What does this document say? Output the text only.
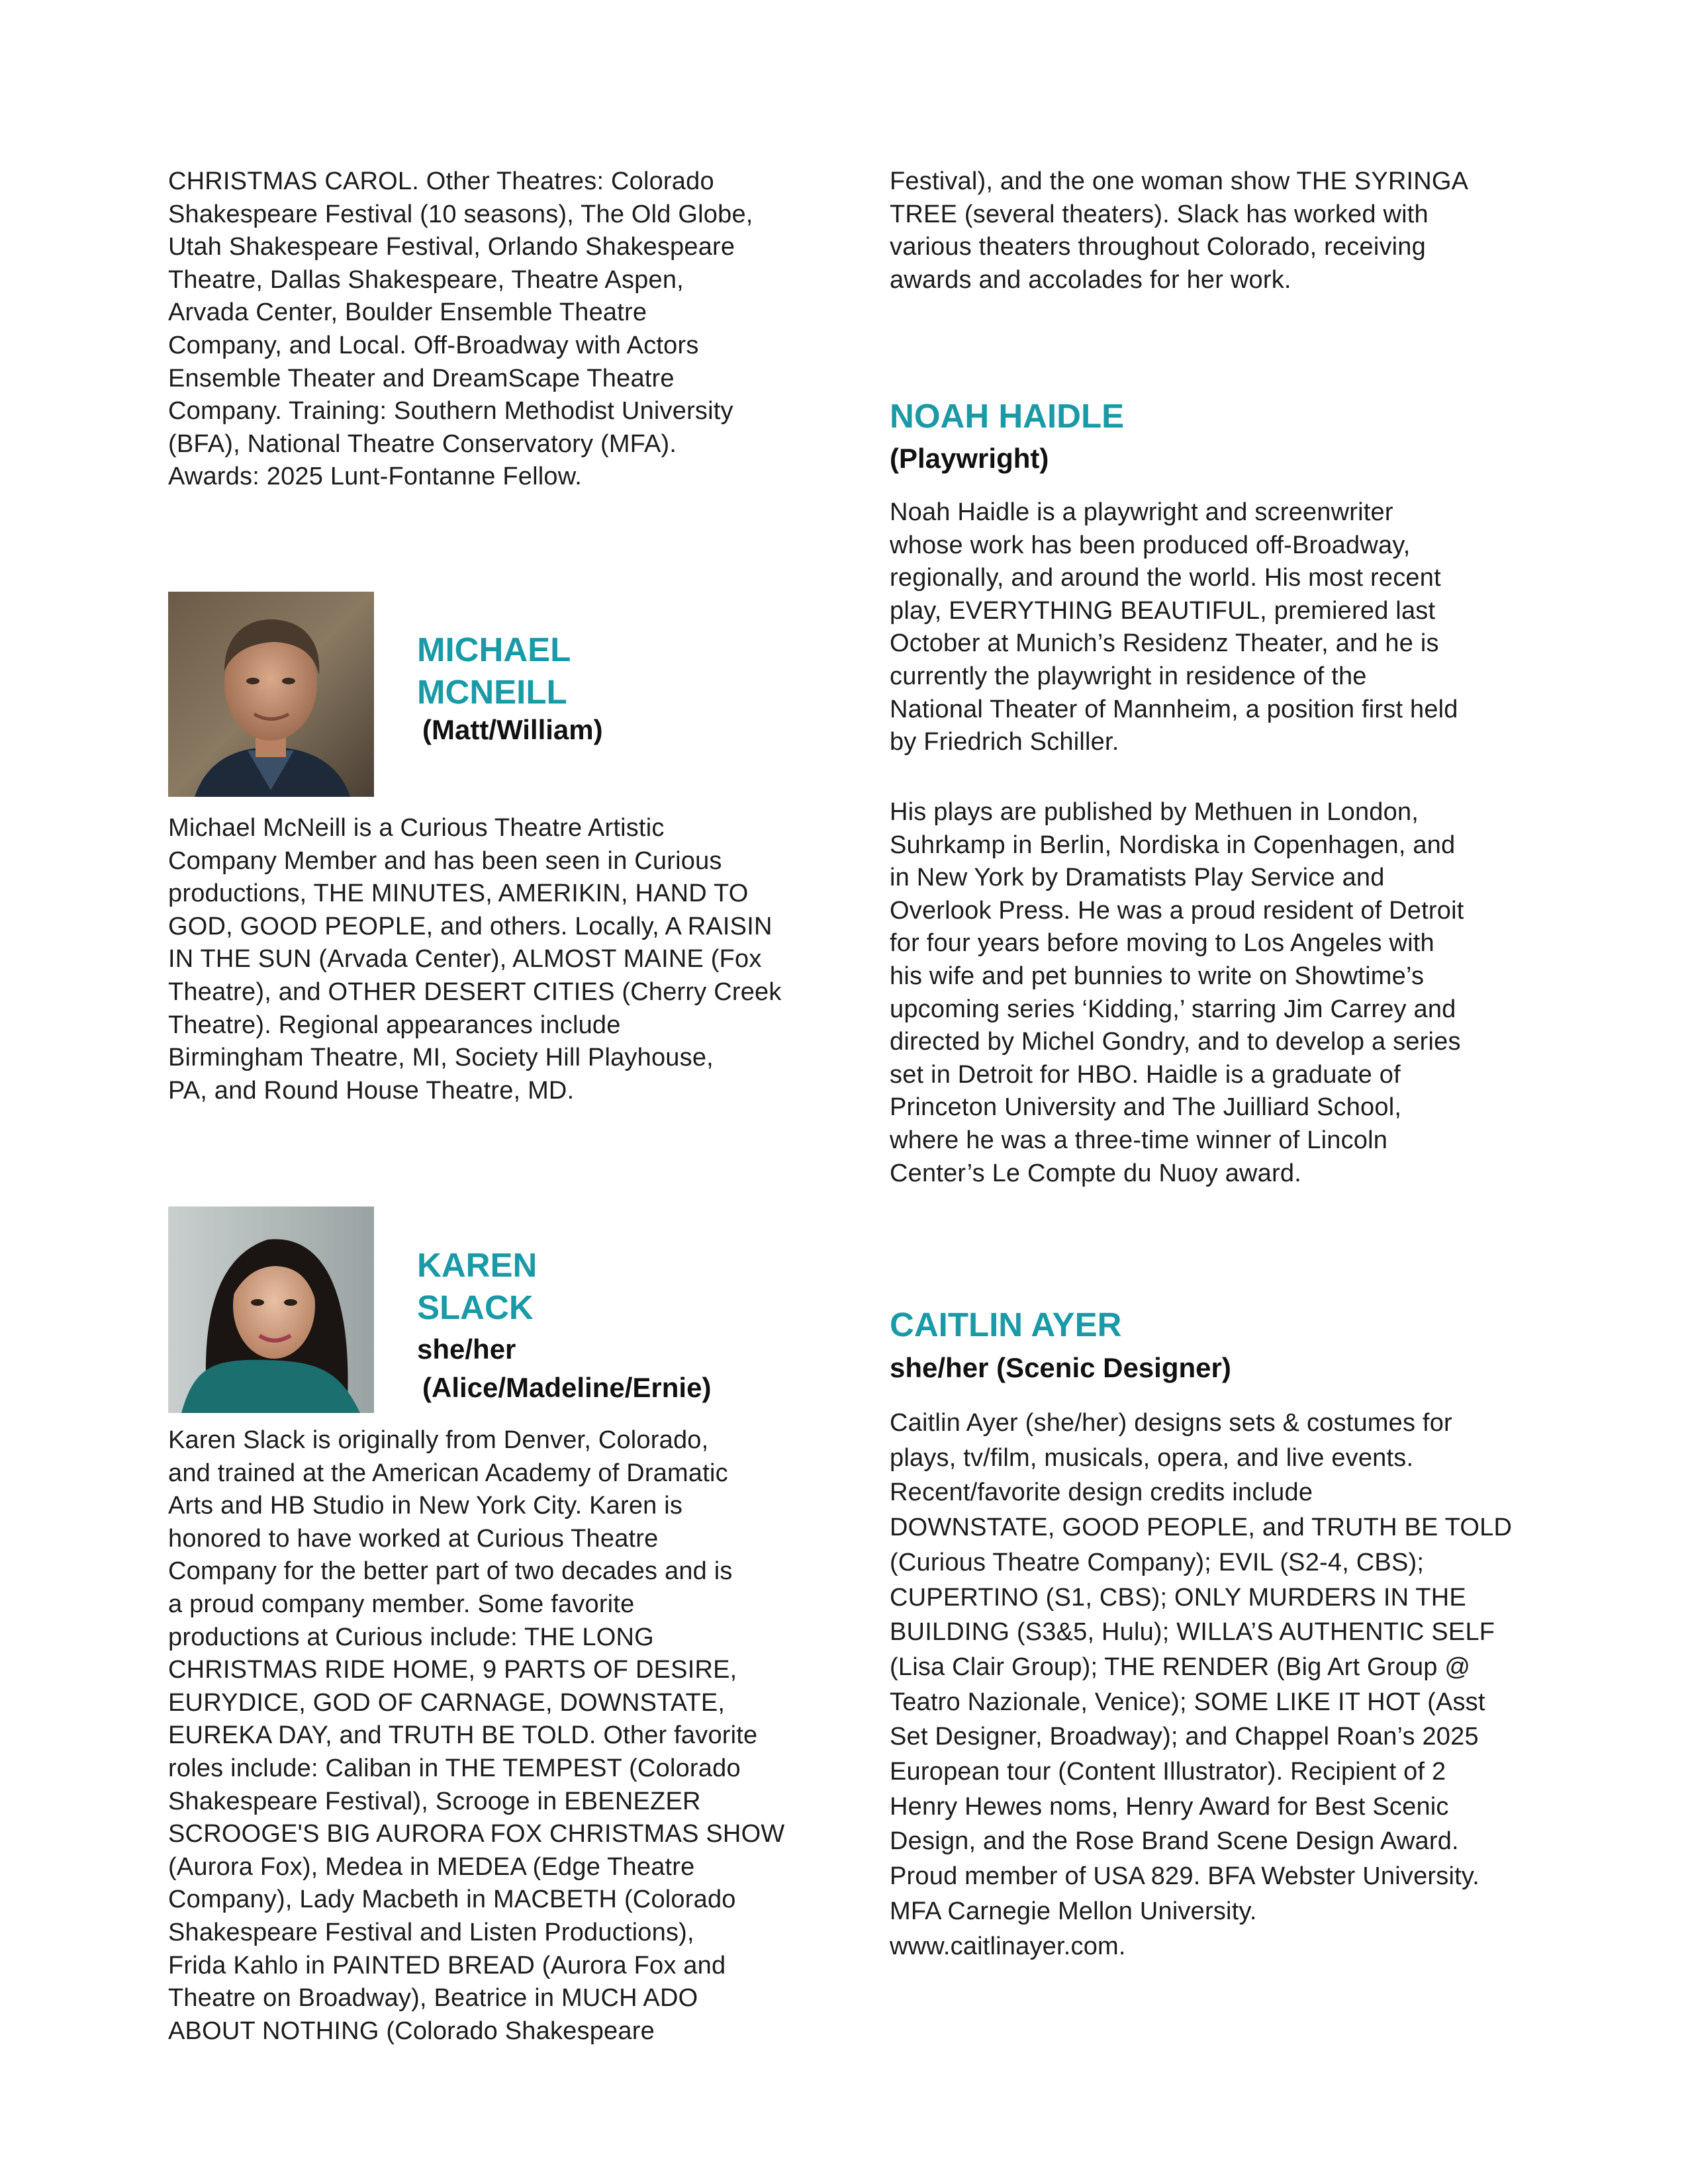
CHRISTMAS CAROL. Other Theatres: Colorado
Shakespeare Festival (10 seasons), The Old Globe,
Utah Shakespeare Festival, Orlando Shakespeare
Theatre, Dallas Shakespeare, Theatre Aspen,
Arvada Center, Boulder Ensemble Theatre
Company, and Local. Off-Broadway with Actors
Ensemble Theater and DreamScape Theatre
Company. Training: Southern Methodist University
(BFA), National Theatre Conservatory (MFA).
Awards: 2025 Lunt-Fontanne Fellow.

MICHAEL
MCNEILL

(Matt/William)

Michael McNeill is a Curious Theatre Artistic
Company Member and has been seen in Curious
productions, THE MINUTES, AMERIKIN, HAND TO
GOD, GOOD PEOPLE, and others. Locally, A RAISIN
IN THE SUN (Arvada Center), ALMOST MAINE (Fox
Theatre), and OTHER DESERT CITIES (Cherry Creek
Theatre). Regional appearances include
Birmingham Theatre, MI, Society Hill Playhouse,
PA, and Round House Theatre, MD.

KAREN
SLACK

she/her

(Alice/Madeline/Ernie)

Karen Slack is originally from Denver, Colorado,
and trained at the American Academy of Dramatic
Arts and HB Studio in New York City. Karen is
honored to have worked at Curious Theatre
Company for the better part of two decades and is
a proud company member. Some favorite
productions at Curious include: THE LONG
CHRISTMAS RIDE HOME, 9 PARTS OF DESIRE,
EURYDICE, GOD OF CARNAGE, DOWNSTATE,
EUREKA DAY, and TRUTH BE TOLD. Other favorite
roles include: Caliban in THE TEMPEST (Colorado
Shakespeare Festival), Scrooge in EBENEZER
SCROOGE'S BIG AURORA FOX CHRISTMAS SHOW
(Aurora Fox), Medea in MEDEA (Edge Theatre
Company), Lady Macbeth in MACBETH (Colorado
Shakespeare Festival and Listen Productions),
Frida Kahlo in PAINTED BREAD (Aurora Fox and
Theatre on Broadway), Beatrice in MUCH ADO
ABOUT NOTHING (Colorado Shakespeare

Festival), and the one woman show THE SYRINGA
TREE (several theaters). Slack has worked with
various theaters throughout Colorado, receiving
awards and accolades for her work.

NOAH HAIDLE

(Playwright)

Noah Haidle is a playwright and screenwriter
whose work has been produced off-Broadway,
regionally, and around the world. His most recent
play, EVERYTHING BEAUTIFUL, premiered last
October at Munich’s Residenz Theater, and he is
currently the playwright in residence of the
National Theater of Mannheim, a position first held
by Friedrich Schiller.

His plays are published by Methuen in London,
Suhrkamp in Berlin, Nordiska in Copenhagen, and
in New York by Dramatists Play Service and
Overlook Press. He was a proud resident of Detroit
for four years before moving to Los Angeles with
his wife and pet bunnies to write on Showtime’s
upcoming series ‘Kidding,’ starring Jim Carrey and
directed by Michel Gondry, and to develop a series
set in Detroit for HBO. Haidle is a graduate of
Princeton University and The Juilliard School,
where he was a three-time winner of Lincoln
Center’s Le Compte du Nuoy award.

CAITLIN AYER

she/her (Scenic Designer)

Caitlin Ayer (she/her) designs sets & costumes for
plays, tv/film, musicals, opera, and live events.
Recent/favorite design credits include
DOWNSTATE, GOOD PEOPLE, and TRUTH BE TOLD
(Curious Theatre Company); EVIL (S2-4, CBS);
CUPERTINO (S1, CBS); ONLY MURDERS IN THE
BUILDING (S3&5, Hulu); WILLA’S AUTHENTIC SELF
(Lisa Clair Group); THE RENDER (Big Art Group @
Teatro Nazionale, Venice); SOME LIKE IT HOT (Asst
Set Designer, Broadway); and Chappel Roan’s 2025
European tour (Content Illustrator). Recipient of 2
Henry Hewes noms, Henry Award for Best Scenic
Design, and the Rose Brand Scene Design Award.
Proud member of USA 829. BFA Webster University.
MFA Carnegie Mellon University.
www.caitlinayer.com.
